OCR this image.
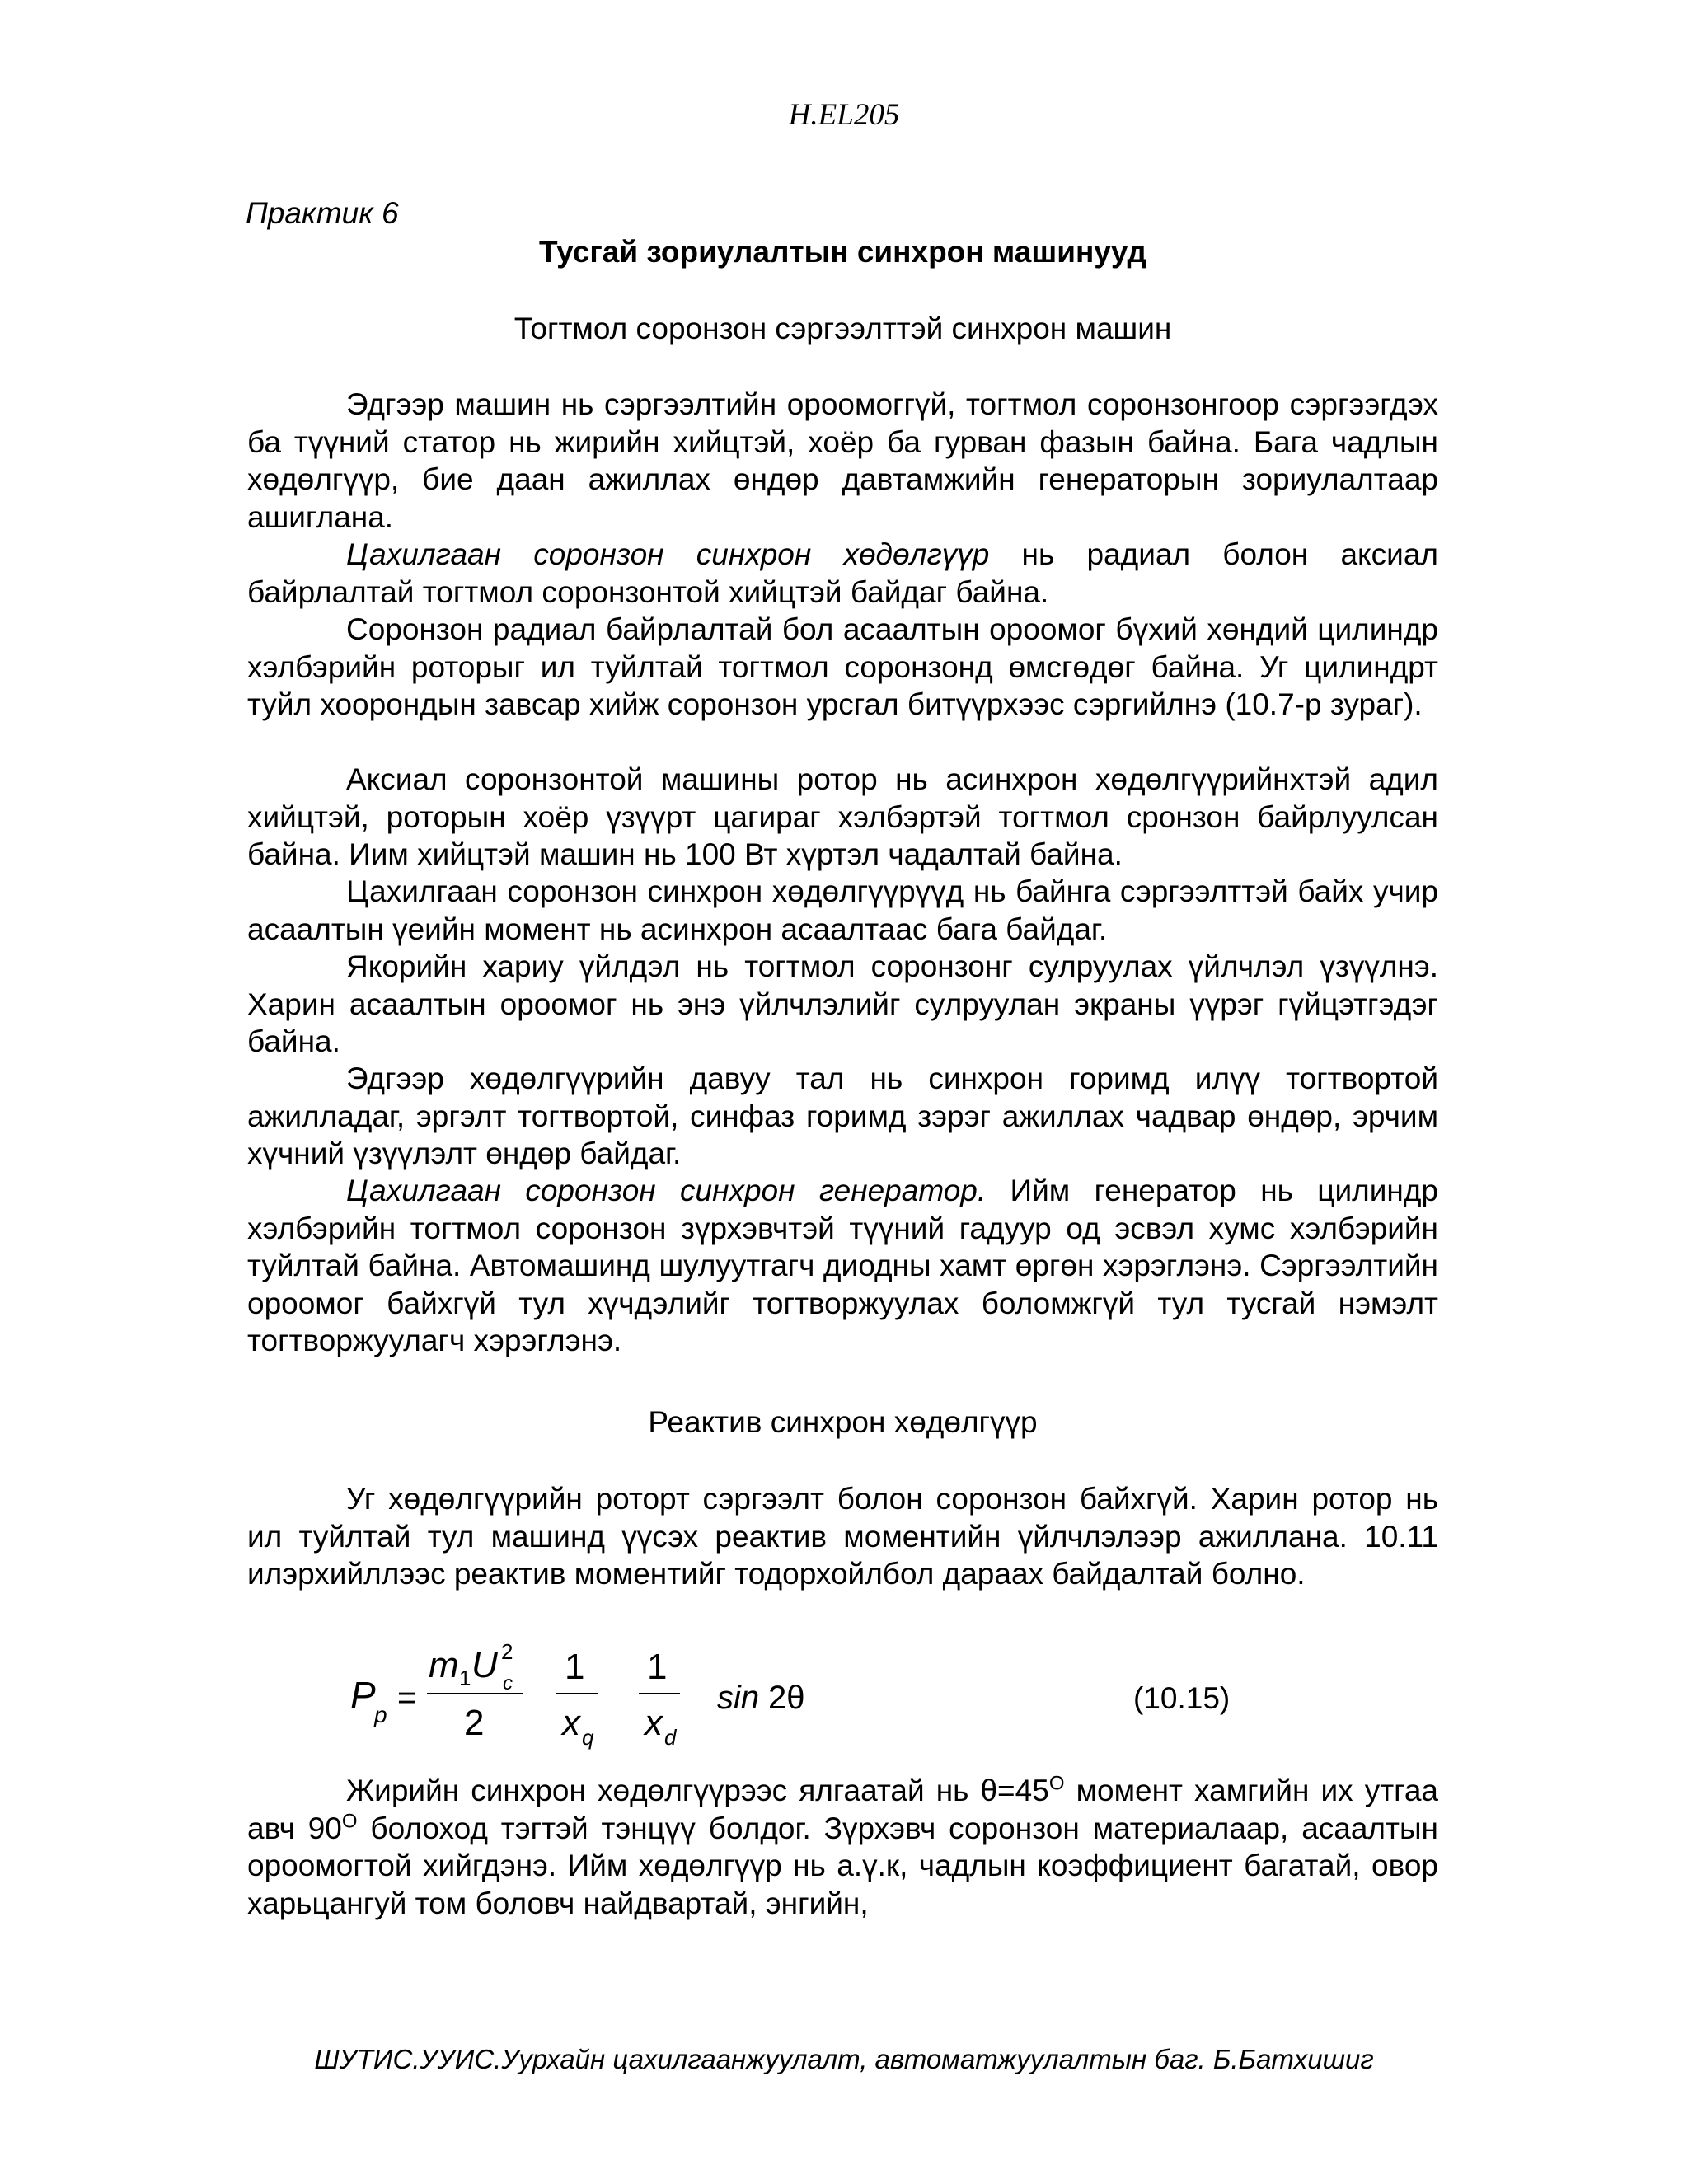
H.EL205
Практик 6
Тусгай зориулалтын синхрон машинууд
Тогтмол соронзон сэргээлттэй синхрон машин

Эдгээр машин нь сэргээлтийн ороомоггүй, тогтмол соронзонгоор сэргээгдэх ба түүний статор нь жирийн хийцтэй, хоёр ба гурван фазын байна. Бага чадлын хөдөлгүүр, бие даан ажиллах өндөр давтамжийн генераторын зориулалтаар ашиглана.

Цахилгаан соронзон синхрон хөдөлгүүр нь радиал болон аксиал байрлалтай тогтмол соронзонтой хийцтэй байдаг байна.

Соронзон радиал байрлалтай бол асаалтын ороомог бүхий хөндий цилиндр хэлбэрийн роторыг ил туйлтай тогтмол соронзонд өмсгөдөг байна. Уг цилиндрт туйл хоорондын завсар хийж соронзон урсгал битүүрхээс сэргийлнэ (10.7-р зураг).

Аксиал соронзонтой машины ротор нь асинхрон хөдөлгүүрийнхтэй адил хийцтэй, роторын хоёр үзүүрт цагираг хэлбэртэй тогтмол сронзон байрлуулсан байна. Иим хийцтэй машин нь 100 Вт хүртэл чадалтай байна.

Цахилгаан соронзон синхрон хөдөлгүүрүүд нь байнга сэргээлттэй байх учир асаалтын үеийн момент нь асинхрон асаалтаас бага байдаг.

Якорийн хариу үйлдэл нь тогтмол соронзонг сулруулах үйлчлэл үзүүлнэ. Харин асаалтын ороомог нь энэ үйлчлэлийг сулруулан экраны үүрэг гүйцэтгэдэг байна.

Эдгээр хөдөлгүүрийн давуу тал нь синхрон горимд илүү тогтвортой ажилладаг, эргэлт тогтвортой, синфаз горимд зэрэг ажиллах чадвар өндөр, эрчим хүчний үзүүлэлт өндөр байдаг.

Цахилгаан соронзон синхрон генератор. Ийм генератор нь цилиндр хэлбэрийн тогтмол соронзон зүрхэвчтэй түүний гадуур од эсвэл хумс хэлбэрийн туйлтай байна. Автомашинд шулуутгагч диодны хамт өргөн хэрэглэнэ. Сэргээлтийн ороомог байхгүй тул хүчдэлийг тогтворжуулах боломжгүй тул тусгай нэмэлт тогтворжуулагч хэрэглэнэ.

Реактив синхрон хөдөлгүүр

Уг хөдөлгүүрийн роторт сэргээлт болон соронзон байхгүй. Харин ротор нь ил туйлтай тул машинд үүсэх реактив моментийн үйлчлэлээр ажиллана. 10.11 илэрхийллээс реактив моментийг тодорхойлбол дараах байдалтай болно.

P
p =
m 1 U 2
c
2
1
x q
1
x d
sin 2θ	(10.15)

Жирийн синхрон хөдөлгүүрээс ялгаатай нь $\theta=45^O$ момент хамгийн их утгаа авч $90^O$ болоход тэгтэй тэнцүү болдог. Зүрхэвч соронзон материалаар, асаалтын ороомогтой хийгдэнэ. Ийм хөдөлгүүр нь а.ү.к, чадлын коэффициент багатай, овор харьцангуй том боловч найдвартай, энгийн,

ШУТИС.УУИС.Уурхайн цахилгаанжуулалт, автоматжуулалтын баг. Б.Батхишиг
